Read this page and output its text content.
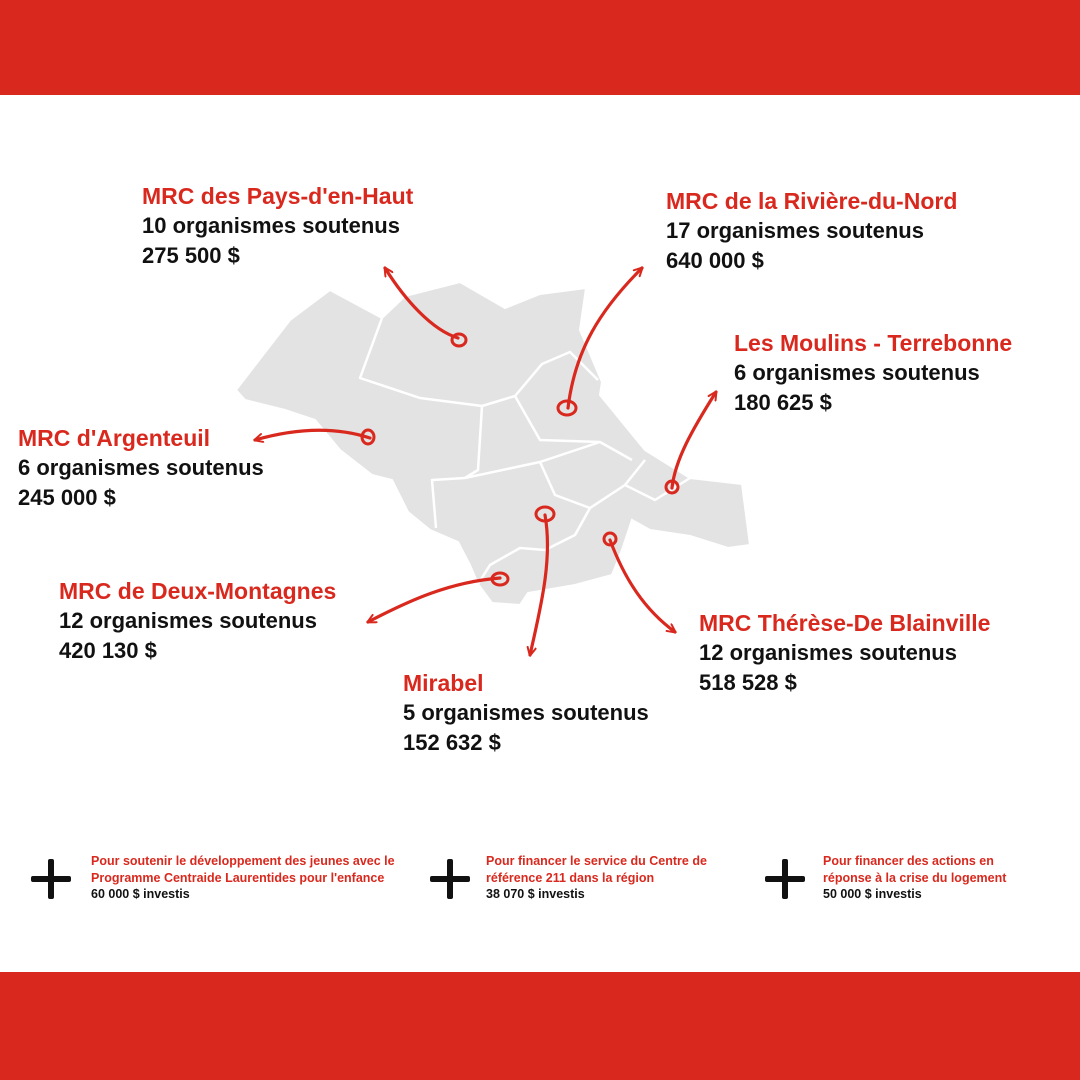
MRC des Pays-d'en-Haut
10 organismes soutenus
275 500 $
MRC de la Rivière-du-Nord
17 organismes soutenus
640 000 $
Les Moulins - Terrebonne
6 organismes soutenus
180 625 $
MRC d'Argenteuil
6 organismes soutenus
245 000 $
MRC de Deux-Montagnes
12 organismes soutenus
420 130 $
Mirabel
5 organismes soutenus
152 632 $
MRC Thérèse-De Blainville
12 organismes soutenus
518 528 $
Pour soutenir le développement des jeunes avec le Programme Centraide Laurentides pour l'enfance
60 000 $ investis
Pour financer le service du Centre de référence 211 dans la région
38 070 $ investis
Pour financer des actions en réponse à la crise du logement
50 000 $ investis
